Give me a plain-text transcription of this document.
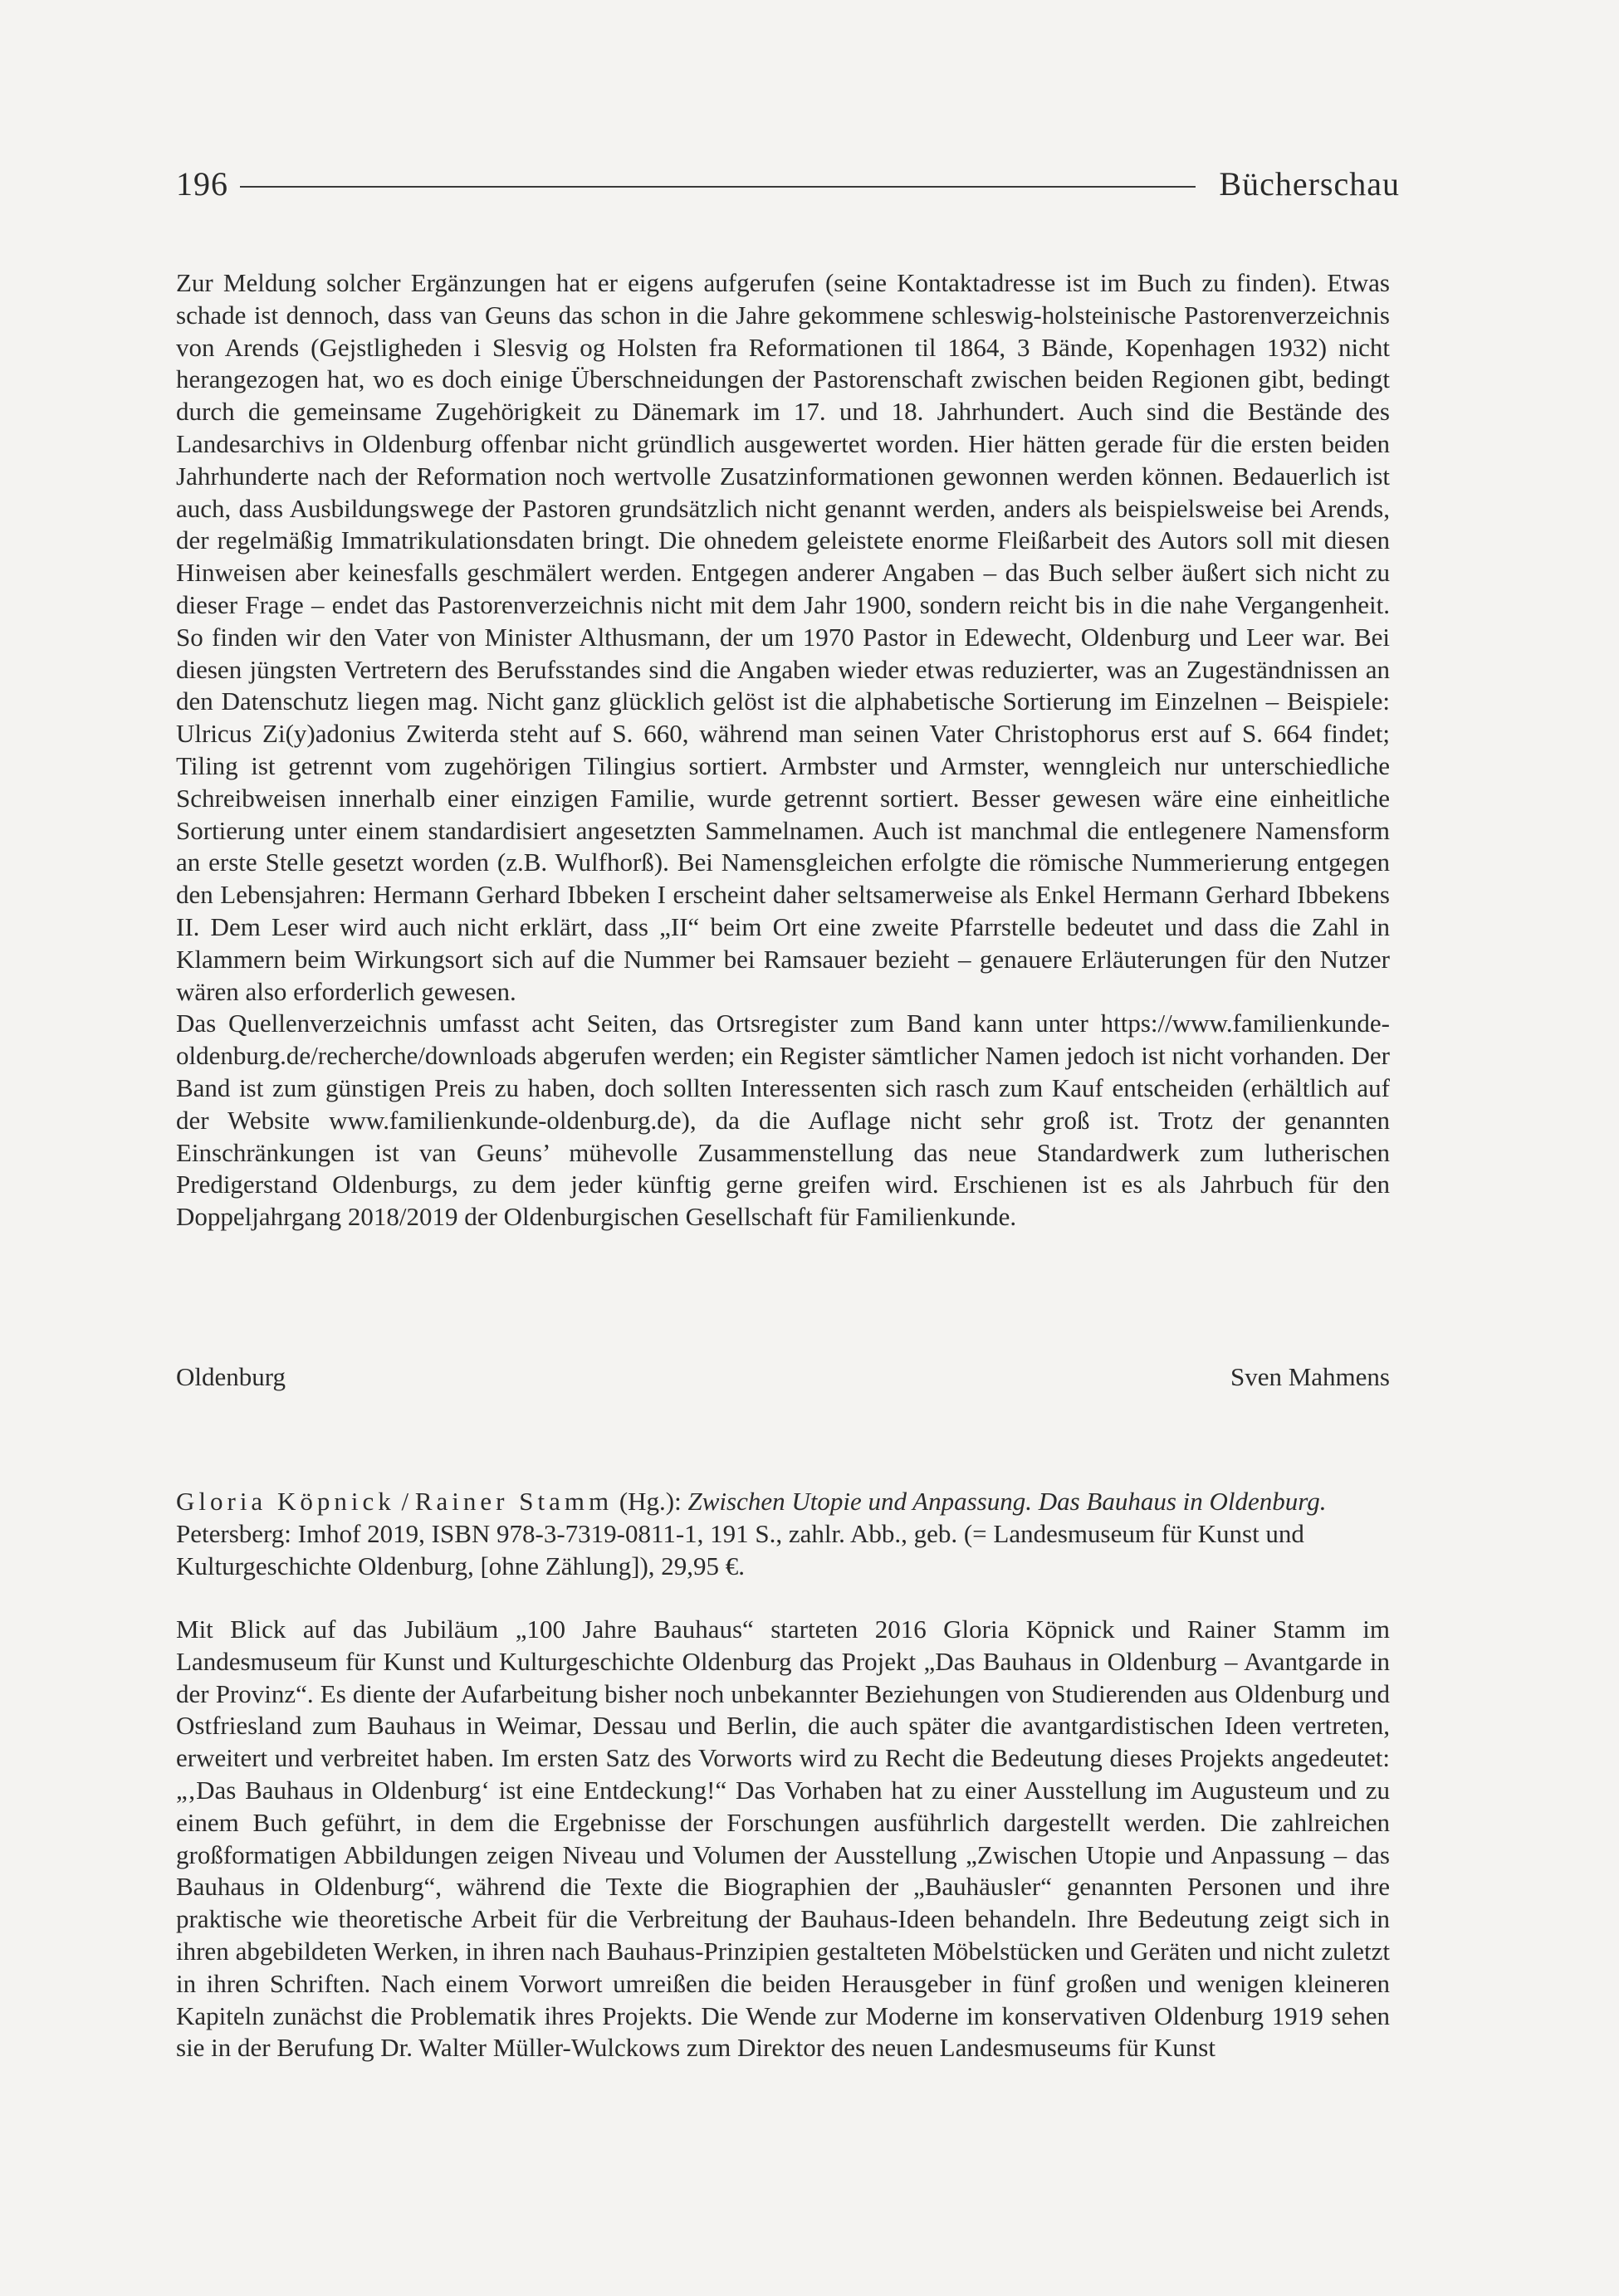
196	Bücherschau
Zur Meldung solcher Ergänzungen hat er eigens aufgerufen (seine Kontaktadresse ist im Buch zu finden). Etwas schade ist dennoch, dass van Geuns das schon in die Jahre gekommene schleswig-holsteinische Pastorenverzeichnis von Arends (Gejstligheden i Slesvig og Holsten fra Reformationen til 1864, 3 Bände, Kopenhagen 1932) nicht herangezogen hat, wo es doch einige Überschneidungen der Pastorenschaft zwischen beiden Regionen gibt, bedingt durch die gemeinsame Zugehörigkeit zu Dänemark im 17. und 18. Jahrhundert. Auch sind die Bestände des Landesarchivs in Oldenburg offenbar nicht gründlich ausgewertet worden. Hier hätten gerade für die ersten beiden Jahrhunderte nach der Reformation noch wertvolle Zusatzinformationen gewonnen werden können. Bedauerlich ist auch, dass Ausbildungswege der Pastoren grundsätzlich nicht genannt werden, anders als beispielsweise bei Arends, der regelmäßig Immatrikulationsdaten bringt. Die ohnedem geleistete enorme Fleißarbeit des Autors soll mit diesen Hinweisen aber keinesfalls geschmälert werden. Entgegen anderer Angaben – das Buch selber äußert sich nicht zu dieser Frage – endet das Pastorenverzeichnis nicht mit dem Jahr 1900, sondern reicht bis in die nahe Vergangenheit. So finden wir den Vater von Minister Althusmann, der um 1970 Pastor in Edewecht, Oldenburg und Leer war. Bei diesen jüngsten Vertretern des Berufsstandes sind die Angaben wieder etwas reduzierter, was an Zugeständnissen an den Datenschutz liegen mag. Nicht ganz glücklich gelöst ist die alphabetische Sortierung im Einzelnen – Beispiele: Ulricus Zi(y)adonius Zwiterda steht auf S. 660, während man seinen Vater Christophorus erst auf S. 664 findet; Tiling ist getrennt vom zugehörigen Tilingius sortiert. Armbster und Armster, wenngleich nur unterschiedliche Schreibweisen innerhalb einer einzigen Familie, wurde getrennt sortiert. Besser gewesen wäre eine einheitliche Sortierung unter einem standardisiert angesetzten Sammelnamen. Auch ist manchmal die entlegenere Namensform an erste Stelle gesetzt worden (z.B. Wulfhorß). Bei Namensgleichen erfolgte die römische Nummerierung entgegen den Lebensjahren: Hermann Gerhard Ibbeken I erscheint daher seltsamerweise als Enkel Hermann Gerhard Ibbekens II. Dem Leser wird auch nicht erklärt, dass „II“ beim Ort eine zweite Pfarrstelle bedeutet und dass die Zahl in Klammern beim Wirkungsort sich auf die Nummer bei Ramsauer bezieht – genauere Erläuterungen für den Nutzer wären also erforderlich gewesen.
Das Quellenverzeichnis umfasst acht Seiten, das Ortsregister zum Band kann unter https://www.familienkunde-oldenburg.de/recherche/downloads abgerufen werden; ein Register sämtlicher Namen jedoch ist nicht vorhanden. Der Band ist zum günstigen Preis zu haben, doch sollten Interessenten sich rasch zum Kauf entscheiden (erhältlich auf der Website www.familienkunde-oldenburg.de), da die Auflage nicht sehr groß ist. Trotz der genannten Einschränkungen ist van Geuns’ mühevolle Zusammenstellung das neue Standardwerk zum lutherischen Predigerstand Oldenburgs, zu dem jeder künftig gerne greifen wird. Erschienen ist es als Jahrbuch für den Doppeljahrgang 2018/2019 der Oldenburgischen Gesellschaft für Familienkunde.
Oldenburg	Sven Mahmens
Gloria Köpnick / Rainer Stamm (Hg.): Zwischen Utopie und Anpassung. Das Bauhaus in Oldenburg. Petersberg: Imhof 2019, ISBN 978-3-7319-0811-1, 191 S., zahlr. Abb., geb. (= Landesmuseum für Kunst und Kulturgeschichte Oldenburg, [ohne Zählung]), 29,95 €.
Mit Blick auf das Jubiläum „100 Jahre Bauhaus“ starteten 2016 Gloria Köpnick und Rainer Stamm im Landesmuseum für Kunst und Kulturgeschichte Oldenburg das Projekt „Das Bauhaus in Oldenburg – Avantgarde in der Provinz“. Es diente der Aufarbeitung bisher noch unbekannter Beziehungen von Studierenden aus Oldenburg und Ostfriesland zum Bauhaus in Weimar, Dessau und Berlin, die auch später die avantgardistischen Ideen vertreten, erweitert und verbreitet haben. Im ersten Satz des Vorworts wird zu Recht die Bedeutung dieses Projekts angedeutet: „‚Das Bauhaus in Oldenburg‘ ist eine Entdeckung!“ Das Vorhaben hat zu einer Ausstellung im Augusteum und zu einem Buch geführt, in dem die Ergebnisse der Forschungen ausführlich dargestellt werden. Die zahlreichen großformatigen Abbildungen zeigen Niveau und Volumen der Ausstellung „Zwischen Utopie und Anpassung – das Bauhaus in Oldenburg“, während die Texte die Biographien der „Bauhäusler“ genannten Personen und ihre praktische wie theoretische Arbeit für die Verbreitung der Bauhaus-Ideen behandeln. Ihre Bedeutung zeigt sich in ihren abgebildeten Werken, in ihren nach Bauhaus-Prinzipien gestalteten Möbelstücken und Geräten und nicht zuletzt in ihren Schriften. Nach einem Vorwort umreißen die beiden Herausgeber in fünf großen und wenigen kleineren Kapiteln zunächst die Problematik ihres Projekts. Die Wende zur Moderne im konservativen Oldenburg 1919 sehen sie in der Berufung Dr. Walter Müller-Wulckows zum Direktor des neuen Landesmuseums für Kunst
